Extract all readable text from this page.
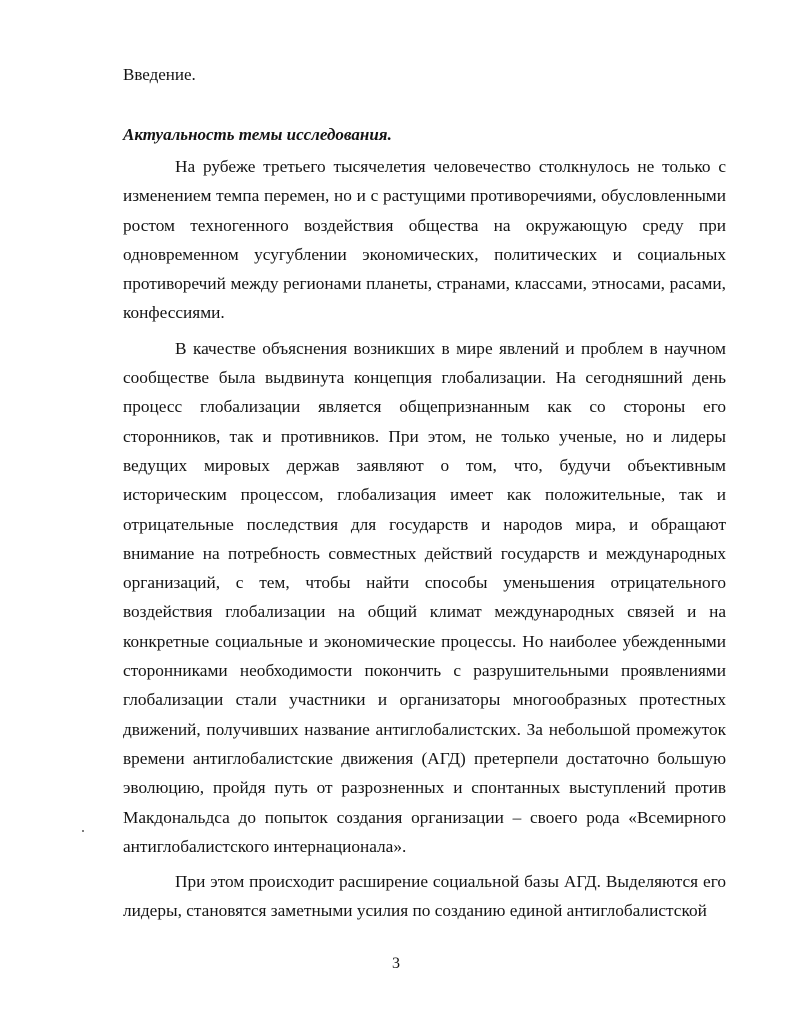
Введение.

Актуальность темы исследования.

На рубеже третьего тысячелетия человечество столкнулось не только с изменением темпа перемен, но и с растущими противоречиями, обусловленными ростом техногенного воздействия общества на окружающую среду при одновременном усугублении экономических, политических и социальных противоречий между регионами планеты, странами, классами, этносами, расами, конфессиями.

В качестве объяснения возникших в мире явлений и проблем в научном сообществе была выдвинута концепция глобализации. На сегодняшний день процесс глобализации является общепризнанным как со стороны его сторонников, так и противников. При этом, не только ученые, но и лидеры ведущих мировых держав заявляют о том, что, будучи объективным историческим процессом, глобализация имеет как положительные, так и отрицательные последствия для государств и народов мира, и обращают внимание на потребность совместных действий государств и международных организаций, с тем, чтобы найти способы уменьшения отрицательного воздействия глобализации на общий климат международных связей и на конкретные социальные и экономические процессы. Но наиболее убежденными сторонниками необходимости покончить с разрушительными проявлениями глобализации стали участники и организаторы многообразных протестных движений, получивших название антиглобалистских. За небольшой промежуток времени антиглобалистские движения (АГД) претерпели достаточно большую эволюцию, пройдя путь от разрозненных и спонтанных выступлений против Макдональдса до попыток создания организации – своего рода «Всемирного антиглобалистского интернационала».

При этом происходит расширение социальной базы АГД. Выделяются его лидеры, становятся заметными усилия по созданию единой антиглобалистской

3
